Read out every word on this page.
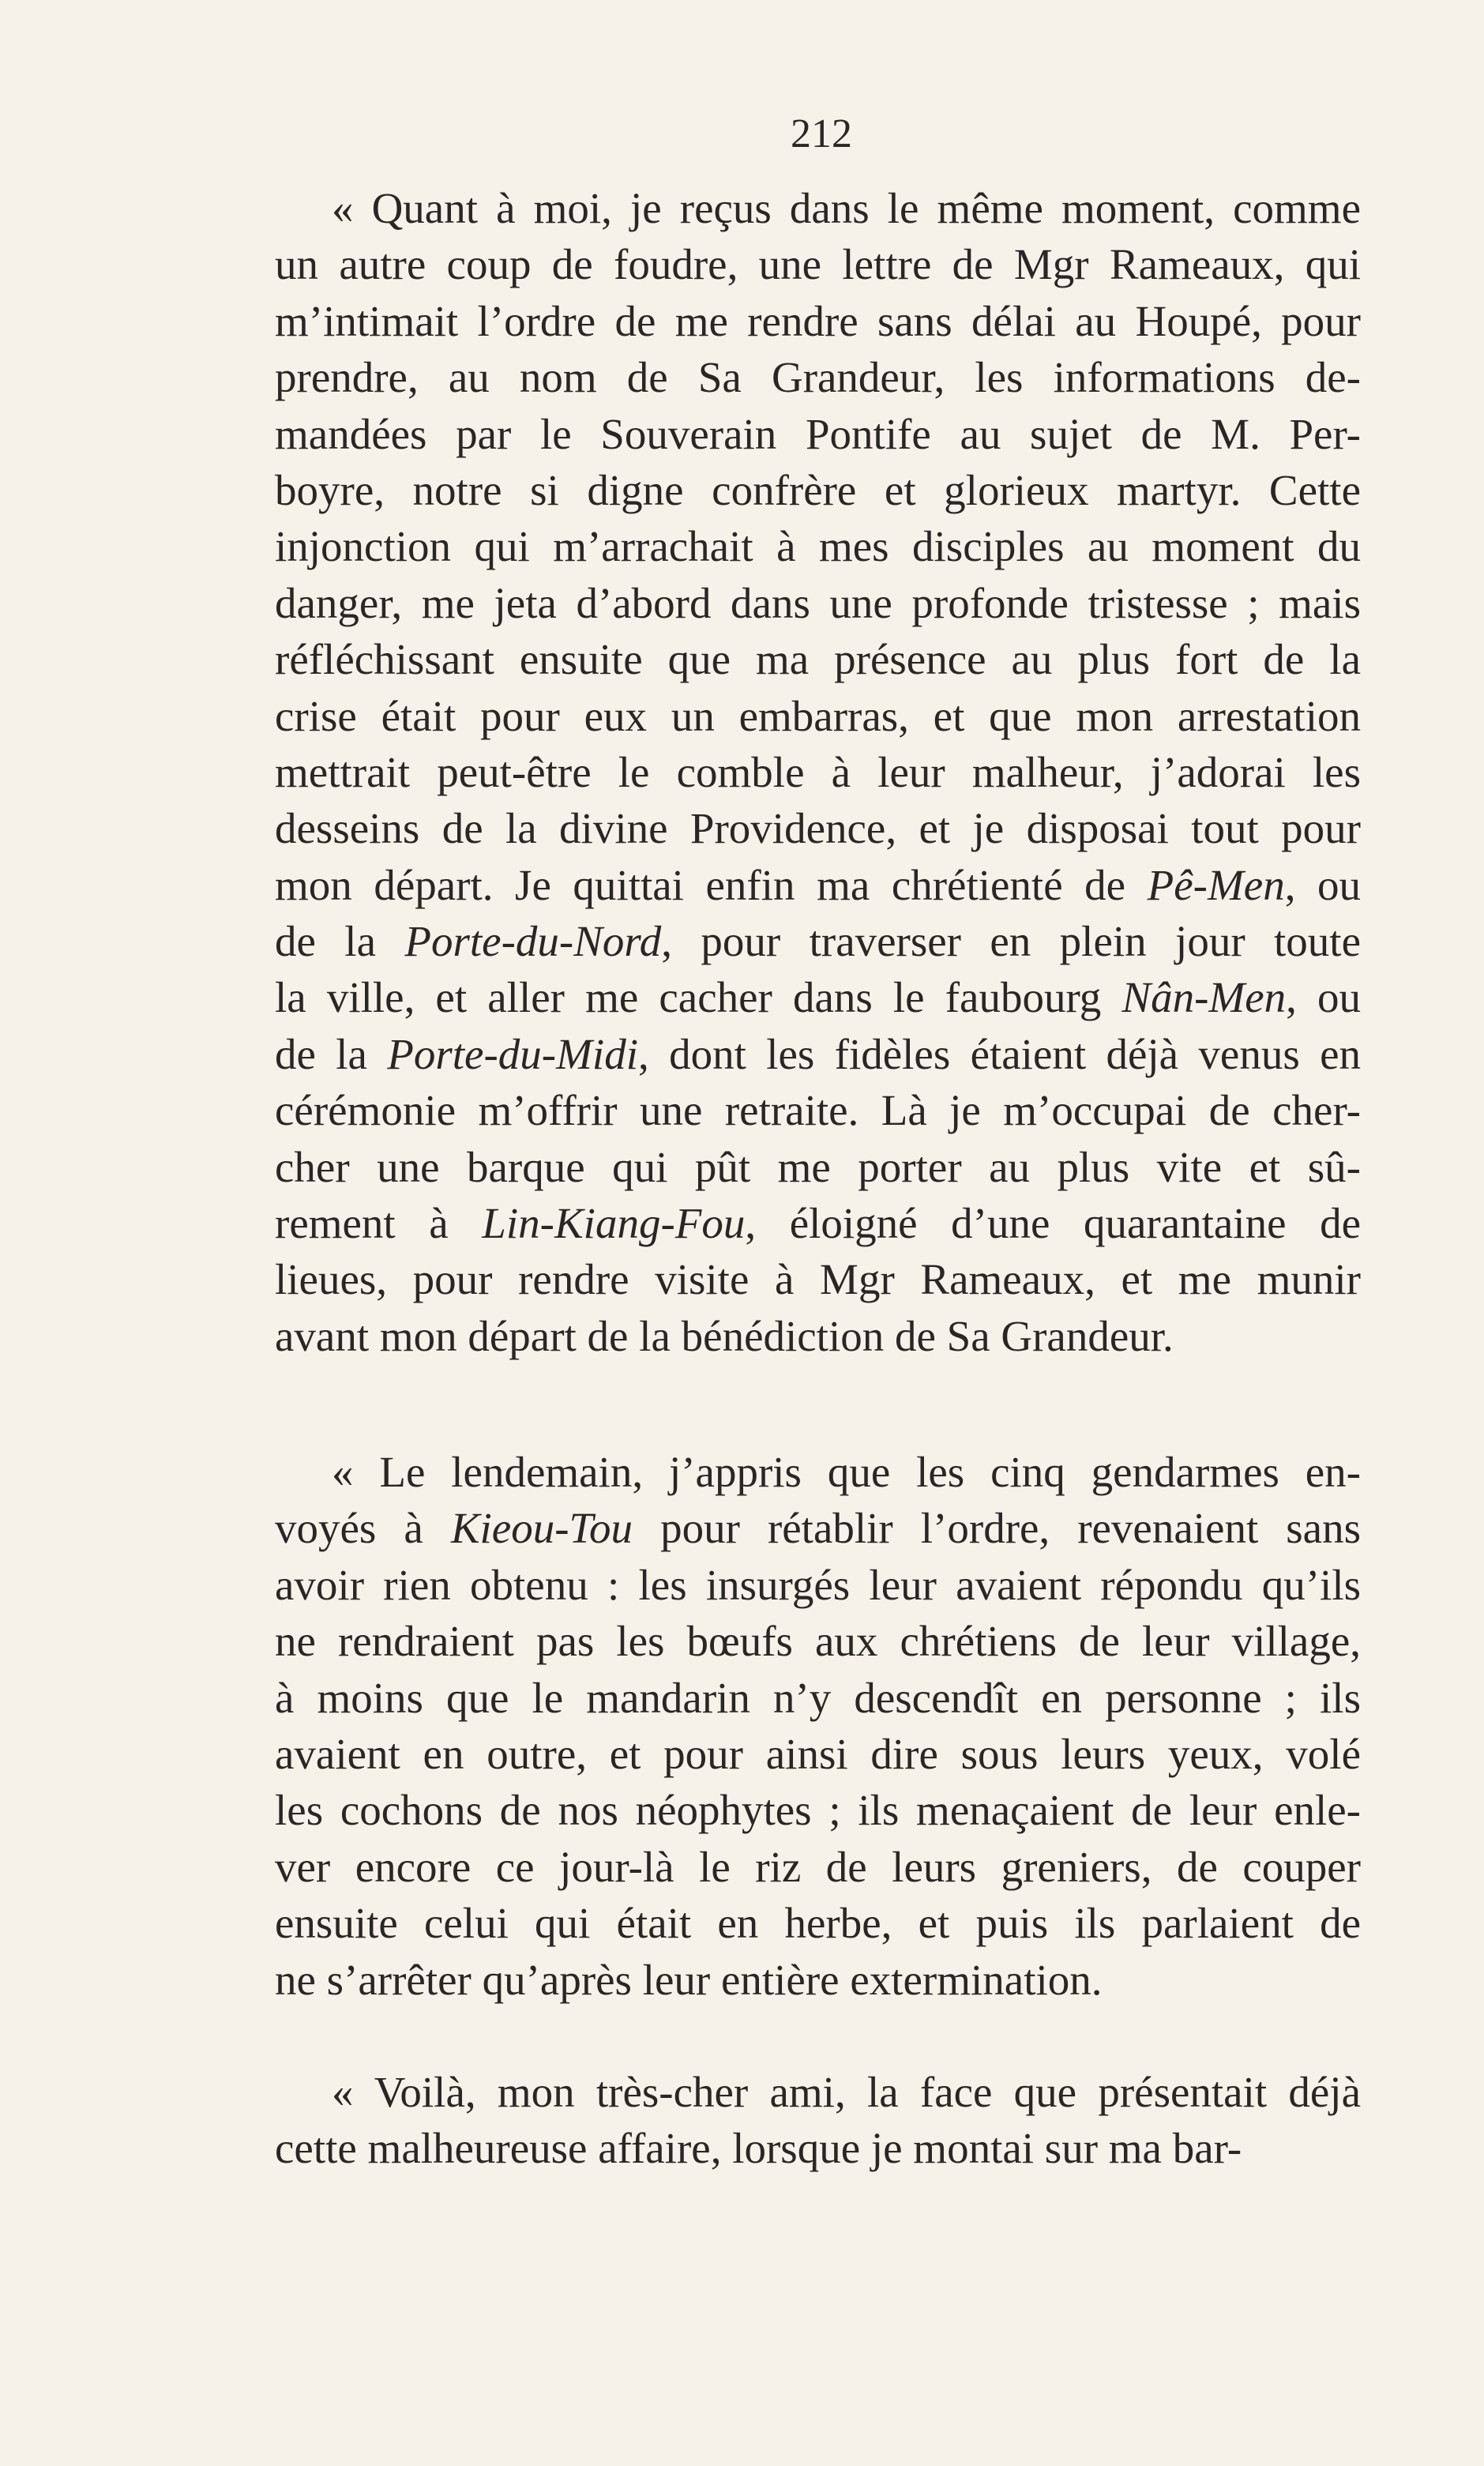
212
« Quant à moi, je reçus dans le même moment, comme
un autre coup de foudre, une lettre de Mgr Rameaux, qui
m’intimait l’ordre de me rendre sans délai au Houpé, pour
prendre, au nom de Sa Grandeur, les informations de-
mandées par le Souverain Pontife au sujet de M. Per-
boyre, notre si digne confrère et glorieux martyr. Cette
injonction qui m’arrachait à mes disciples au moment du
danger, me jeta d’abord dans une profonde tristesse ; mais
réfléchissant ensuite que ma présence au plus fort de la
crise était pour eux un embarras, et que mon arrestation
mettrait peut-être le comble à leur malheur, j’adorai les
desseins de la divine Providence, et je disposai tout pour
mon départ. Je quittai enfin ma chrétienté de Pê-Men, ou
de la Porte-du-Nord, pour traverser en plein jour toute
la ville, et aller me cacher dans le faubourg Nân-Men, ou
de la Porte-du-Midi, dont les fidèles étaient déjà venus en
cérémonie m’offrir une retraite. Là je m’occupai de cher-
cher une barque qui pût me porter au plus vite et sû-
rement à Lin-Kiang-Fou, éloigné d’une quarantaine de
lieues, pour rendre visite à Mgr Rameaux, et me munir
avant mon départ de la bénédiction de Sa Grandeur.
« Le lendemain, j’appris que les cinq gendarmes en-
voyés à Kieou-Tou pour rétablir l’ordre, revenaient sans
avoir rien obtenu : les insurgés leur avaient répondu qu’ils
ne rendraient pas les bœufs aux chrétiens de leur village,
à moins que le mandarin n’y descendît en personne ; ils
avaient en outre, et pour ainsi dire sous leurs yeux, volé
les cochons de nos néophytes ; ils menaçaient de leur enle-
ver encore ce jour-là le riz de leurs greniers, de couper
ensuite celui qui était en herbe, et puis ils parlaient de
ne s’arrêter qu’après leur entière extermination.
« Voilà, mon très-cher ami, la face que présentait déjà
cette malheureuse affaire, lorsque je montai sur ma bar-
